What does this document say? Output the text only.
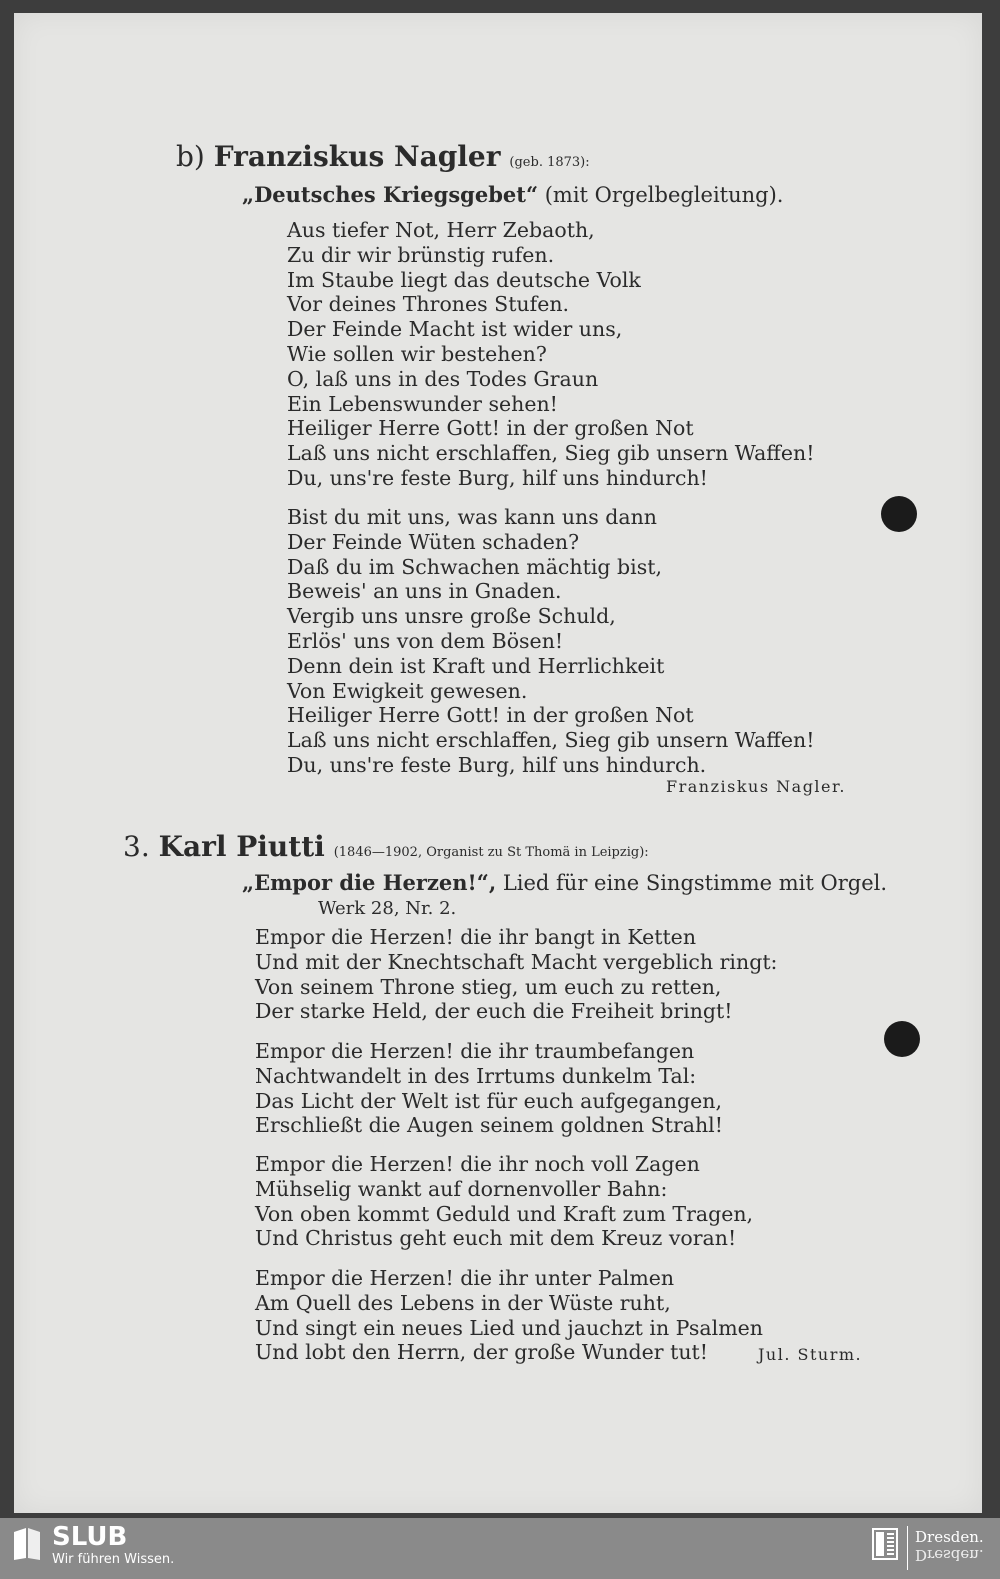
b) Franziskus Nagler (geb. 1873):
„Deutsches Kriegsgebet“ (mit Orgelbegleitung).
Aus tiefer Not, Herr Zebaoth,
Zu dir wir brünstig rufen.
Im Staube liegt das deutsche Volk
Vor deines Thrones Stufen.
Der Feinde Macht ist wider uns,
Wie sollen wir bestehen?
O, laß uns in des Todes Graun
Ein Lebenswunder sehen!
Heiliger Herre Gott! in der großen Not
Laß uns nicht erschlaffen, Sieg gib unsern Waffen!
Du, uns're feste Burg, hilf uns hindurch!
Bist du mit uns, was kann uns dann
Der Feinde Wüten schaden?
Daß du im Schwachen mächtig bist,
Beweis' an uns in Gnaden.
Vergib uns unsre große Schuld,
Erlös' uns von dem Bösen!
Denn dein ist Kraft und Herrlichkeit
Von Ewigkeit gewesen.
Heiliger Herre Gott! in der großen Not
Laß uns nicht erschlaffen, Sieg gib unsern Waffen!
Du, uns're feste Burg, hilf uns hindurch.
Franziskus Nagler.
3. Karl Piutti (1846—1902, Organist zu St Thomä in Leipzig):
„Empor die Herzen!“, Lied für eine Singstimme mit Orgel.
Werk 28, Nr. 2.
Empor die Herzen! die ihr bangt in Ketten
Und mit der Knechtschaft Macht vergeblich ringt:
Von seinem Throne stieg, um euch zu retten,
Der starke Held, der euch die Freiheit bringt!
Empor die Herzen! die ihr traumbefangen
Nachtwandelt in des Irrtums dunkelm Tal:
Das Licht der Welt ist für euch aufgegangen,
Erschließt die Augen seinem goldnen Strahl!
Empor die Herzen! die ihr noch voll Zagen
Mühselig wankt auf dornenvoller Bahn:
Von oben kommt Geduld und Kraft zum Tragen,
Und Christus geht euch mit dem Kreuz voran!
Empor die Herzen! die ihr unter Palmen
Am Quell des Lebens in der Wüste ruht,
Und singt ein neues Lied und jauchzt in Psalmen
Und lobt den Herrn, der große Wunder tut!	Jul. Sturm.
SLUB
Wir führen Wissen.
Dresden.
Dresden.
